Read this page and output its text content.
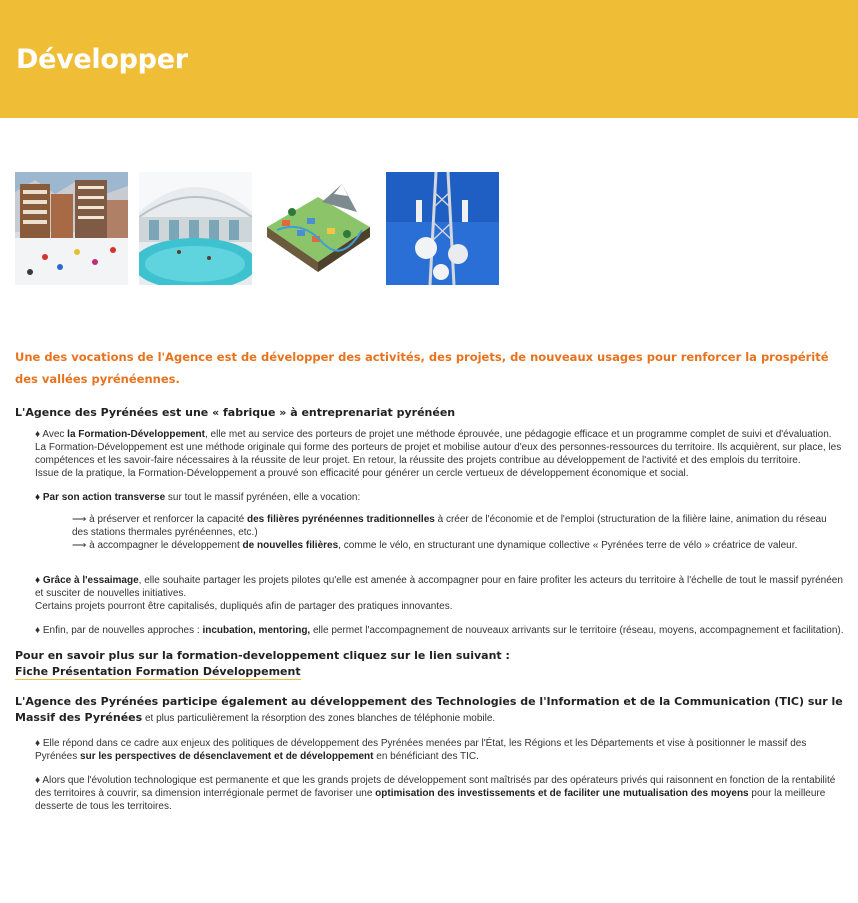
Développer

Une des vocations de l'Agence est de développer des activités, des projets, de nouveaux usages pour renforcer la prospérité des vallées pyrénéennes.

L'Agence des Pyrénées est une « fabrique » à entreprenariat pyrénéen

♦ Avec la Formation-Développement, elle met au service des porteurs de projet une méthode éprouvée, une pédagogie efficace et un programme complet de suivi et d'évaluation.

La Formation-Développement est une méthode originale qui forme des porteurs de projet et mobilise autour d'eux des personnes-ressources du territoire. Ils acquièrent, sur place, les compétences et les savoir-faire nécessaires à la réussite de leur projet. En retour, la réussite des projets contribue au développement de l'activité et des emplois du territoire.

Issue de la pratique, la Formation-Développement a prouvé son efficacité pour générer un cercle vertueux de développement économique et social.

♦ Par son action transverse sur tout le massif pyrénéen, elle a vocation:

⟶ à préserver et renforcer la capacité des filières pyrénéennes traditionnelles à créer de l'économie et de l'emploi (structuration de la filière laine, animation du réseau des stations thermales pyrénéennes, etc.)

⟶ à accompagner le développement de nouvelles filières, comme le vélo, en structurant une dynamique collective « Pyrénées terre de vélo » créatrice de valeur.

♦ Grâce à l'essaimage, elle souhaite partager les projets pilotes qu'elle est amenée à accompagner pour en faire profiter les acteurs du territoire à l'échelle de tout le massif pyrénéen et susciter de nouvelles initiatives.

Certains projets pourront être capitalisés, dupliqués afin de partager des pratiques innovantes.

♦ Enfin, par de nouvelles approches : incubation, mentoring, elle permet l'accompagnement de nouveaux arrivants sur le territoire (réseau, moyens, accompagnement et facilitation).

Pour en savoir plus sur la formation-developpement cliquez sur le lien suivant :

Fiche Présentation Formation Développement

L'Agence des Pyrénées participe également au développement des Technologies de l'Information et de la Communication (TIC) sur le Massif des Pyrénées et plus particulièrement la résorption des zones blanches de téléphonie mobile.

♦ Elle répond dans ce cadre aux enjeux des politiques de développement des Pyrénées menées par l'État, les Régions et les Départements et vise à positionner le massif des Pyrénées sur les perspectives de désenclavement et de développement en bénéficiant des TIC.

♦ Alors que l'évolution technologique est permanente et que les grands projets de développement sont maîtrisés par des opérateurs privés qui raisonnent en fonction de la rentabilité des territoires à couvrir, sa dimension interrégionale permet de favoriser une optimisation des investissements et de faciliter une mutualisation des moyens pour la meilleure desserte de tous les territoires.
